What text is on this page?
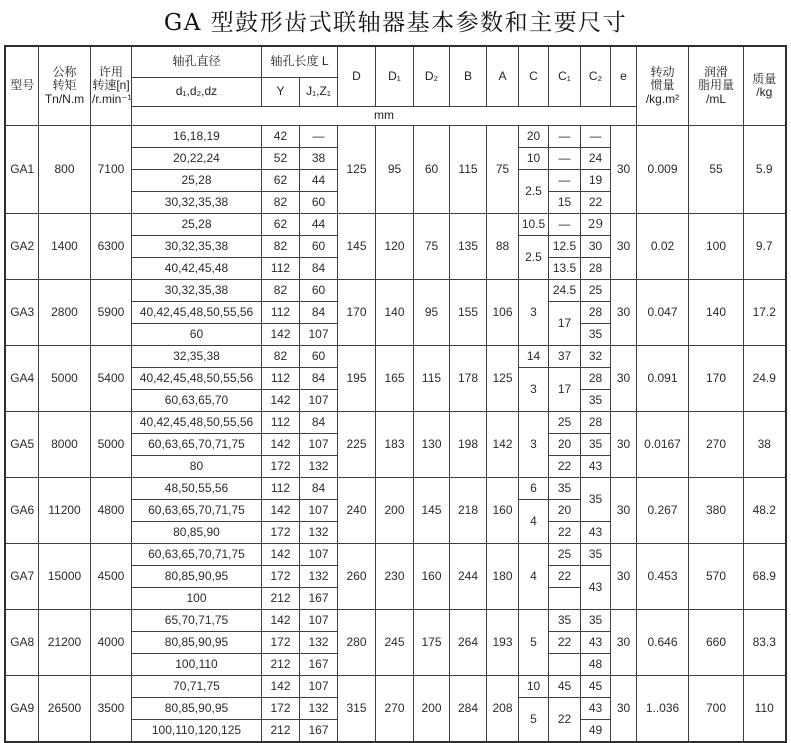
GA 型鼓形齿式联轴器基本参数和主要尺寸
型号	公称
转矩
Tn/N.m	许用
转速[n]
/r.min⁻¹	轴孔直径	轴孔长度 L		D	D₁	D₂	B	A	C	C₁	C₂	e	转动
惯量
/kg.m²	润滑
脂用量
/mL	质量
/kg
			d₁,d₂,dᴢ	Y	J₁,Z₁												
			mm														
GA1	800	7100	16,18,19	42	—	125	95	60	115	75	20	—	—	30	0.009	55	5.9
			20,22,24	52	38						10	—	24				
			25,28	62	44						2.5	—	19				
			30,32,35,38	82	60							15	22				
GA2	1400	6300	25,28	62	44	145	120	75	135	88	10.5	—	29	30	0.02	100	9.7
			30,32,35,38	82	60						2.5	12.5	30				
			40,42,45,48	112	84							13.5	28				
GA3	2800	5900	30,32,35,38	82	60	170	140	95	155	106	3	24.5	25	30	0.047	140	17.2
			40,42,45,48,50,55,56	112	84							17	28				
			60	142	107								35				
GA4	5000	5400	32,35,38	82	60	195	165	115	178	125	14	37	32	30	0.091	170	24.9
			40,42,45,48,50,55,56	112	84						3	17	28				
			60,63,65,70	142	107								35				
GA5	8000	5000	40,42,45,48,50,55,56	112	84	225	183	130	198	142	3	25	28	30	0.0167	270	38
			60,63,65,70,71,75	142	107							20	35				
			80	172	132							22	43				
GA6	11200	4800	48,50,55,56	112	84	240	200	145	218	160	6	35	35	30	0.267	380	48.2
			60,63,65,70,71,75	142	107						4	20					
			80,85,90	172	132							22	43				
GA7	15000	4500	60,63,65,70,71,75	142	107	260	230	160	244	180	4	25	35	30	0.453	570	68.9
			80,85,90,95	172	132							22	43				
			100	212	167												
GA8	21200	4000	65,70,71,75	142	107	280	245	175	264	193	5	35	35	30	0.646	660	83.3
			80,85,90,95	172	132							22	43				
			100,110	212	167								48				
GA9	26500	3500	70,71,75	142	107	315	270	200	284	208	10	45	45	30	1..036	700	110
			80,85,90,95	172	132						5	22	43				
			100,110,120,125	212	167								49				
